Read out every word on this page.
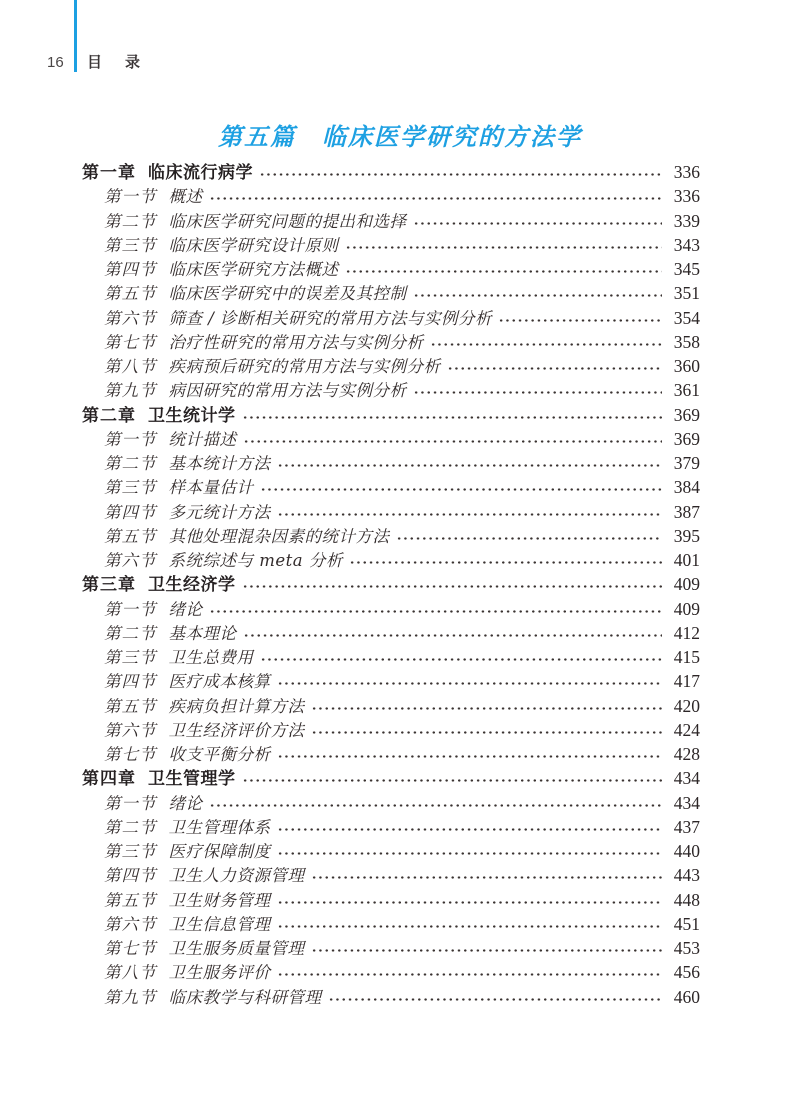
16	目　录
第五篇 临床医学研究的方法学
第一章 临床流行病学	336
第一节 概述	336
第二节 临床医学研究问题的提出和选择	339
第三节 临床医学研究设计原则	343
第四节 临床医学研究方法概述	345
第五节 临床医学研究中的误差及其控制	351
第六节 筛查 / 诊断相关研究的常用方法与实例分析	354
第七节 治疗性研究的常用方法与实例分析	358
第八节 疾病预后研究的常用方法与实例分析	360
第九节 病因研究的常用方法与实例分析	361
第二章 卫生统计学	369
第一节 统计描述	369
第二节 基本统计方法	379
第三节 样本量估计	384
第四节 多元统计方法	387
第五节 其他处理混杂因素的统计方法	395
第六节 系统综述与 meta 分析	401
第三章 卫生经济学	409
第一节 绪论	409
第二节 基本理论	412
第三节 卫生总费用	415
第四节 医疗成本核算	417
第五节 疾病负担计算方法	420
第六节 卫生经济评价方法	424
第七节 收支平衡分析	428
第四章 卫生管理学	434
第一节 绪论	434
第二节 卫生管理体系	437
第三节 医疗保障制度	440
第四节 卫生人力资源管理	443
第五节 卫生财务管理	448
第六节 卫生信息管理	451
第七节 卫生服务质量管理	453
第八节 卫生服务评价	456
第九节 临床教学与科研管理	460
